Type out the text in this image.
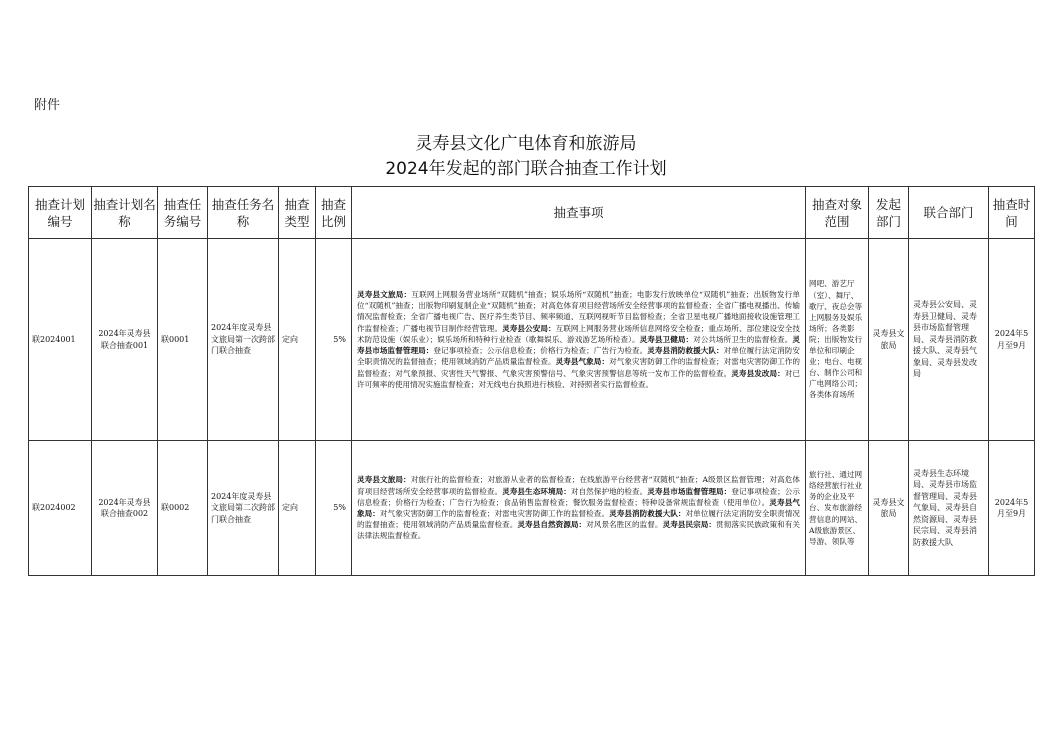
附件
灵寿县文化广电体育和旅游局
2024年发起的部门联合抽查工作计划
抽查计划编号	抽查计划名称	抽查任务编号	抽查任务名称	抽查类型	抽查比例	抽查事项	抽查对象范围	发起部门	联合部门	抽查时间
联2024001	2024年灵寿县联合抽查001	联0001	2024年度灵寿县文旅局第一次跨部门联合抽查	定向	5%	灵寿县文旅局：互联网上网服务营业场所“双随机”抽查；娱乐场所“双随机”抽查；电影发行放映单位“双随机”抽查；出版物发行单位“双随机”抽查；出版物印刷复制企业“双随机”抽查；对高危体育项目经营场所安全经营事项的监督检查；全省广播电视播出、传输情况监督检查；全省广播电视广告、医疗养生类节目、频率频道、互联网视听节目监督检查；全省卫星电视广播地面接收设施管理工作监督检查；广播电视节目制作经营管理。灵寿县公安局：互联网上网服务营业场所信息网络安全检查；重点场所、部位建设安全技术防范设施（娱乐业）；娱乐场所和特种行业检查（歌舞娱乐、游戏游艺场所检查）。灵寿县卫健局：对公共场所卫生的监督检查。灵寿县市场监督管理局：登记事项检查；公示信息检查；价格行为检查；广告行为检查。灵寿县消防救援大队：对单位履行法定消防安全职责情况的监督抽查；使用领域消防产品质量监督检查。灵寿县气象局：对气象灾害防御工作的监督检查；对雷电灾害防御工作的监督检查；对气象预报、灾害性天气警报、气象灾害预警信号、气象灾害预警信息等统一发布工作的监督检查。灵寿县发改局：对已许可频率的使用情况实施监督检查；对无线电台执照进行核验、对持照者实行监督检查。	网吧、游艺厅（室）、舞厅、歌厅、夜总会等上网服务及娱乐场所；各类影院；出版物发行单位和印刷企业；电台、电视台、制作公司和广电网络公司；各类体育场所	灵寿县文旅局	灵寿县公安局、灵寿县卫健局、灵寿县市场监督管理局、灵寿县消防救援大队、灵寿县气象局、灵寿县发改局	2024年5月至9月
联2024002	2024年灵寿县联合抽查002	联0002	2024年度灵寿县文旅局第二次跨部门联合抽查	定向	5%	灵寿县文旅局：对旅行社的监督检查；对旅游从业者的监督检查；在线旅游平台经营者“双随机”抽查；A级景区监督管理；对高危体育项目经营场所安全经营事项的监督检查。灵寿县生态环境局：对自然保护地的检查。灵寿县市场监督管理局：登记事项检查；公示信息检查；价格行为检查；广告行为检查；食品销售监督检查；餐饮服务监督检查；特种设备常规监督检查（使用单位）。灵寿县气象局：对气象灾害防御工作的监督检查；对雷电灾害防御工作的监督检查。灵寿县消防救援大队：对单位履行法定消防安全职责情况的监督抽查；使用领域消防产品质量监督检查。灵寿县自然资源局：对风景名胜区的监督。灵寿县民宗局：贯彻落实民族政策和有关法律法规监督检查。	旅行社、通过网络经营旅行社业务的企业及平台、发布旅游经营信息的网站、A级旅游景区、导游、领队等	灵寿县文旅局	灵寿县生态环境局、灵寿县市场监督管理局、灵寿县气象局、灵寿县自然资源局、灵寿县民宗局、灵寿县消防救援大队	2024年5月至9月
